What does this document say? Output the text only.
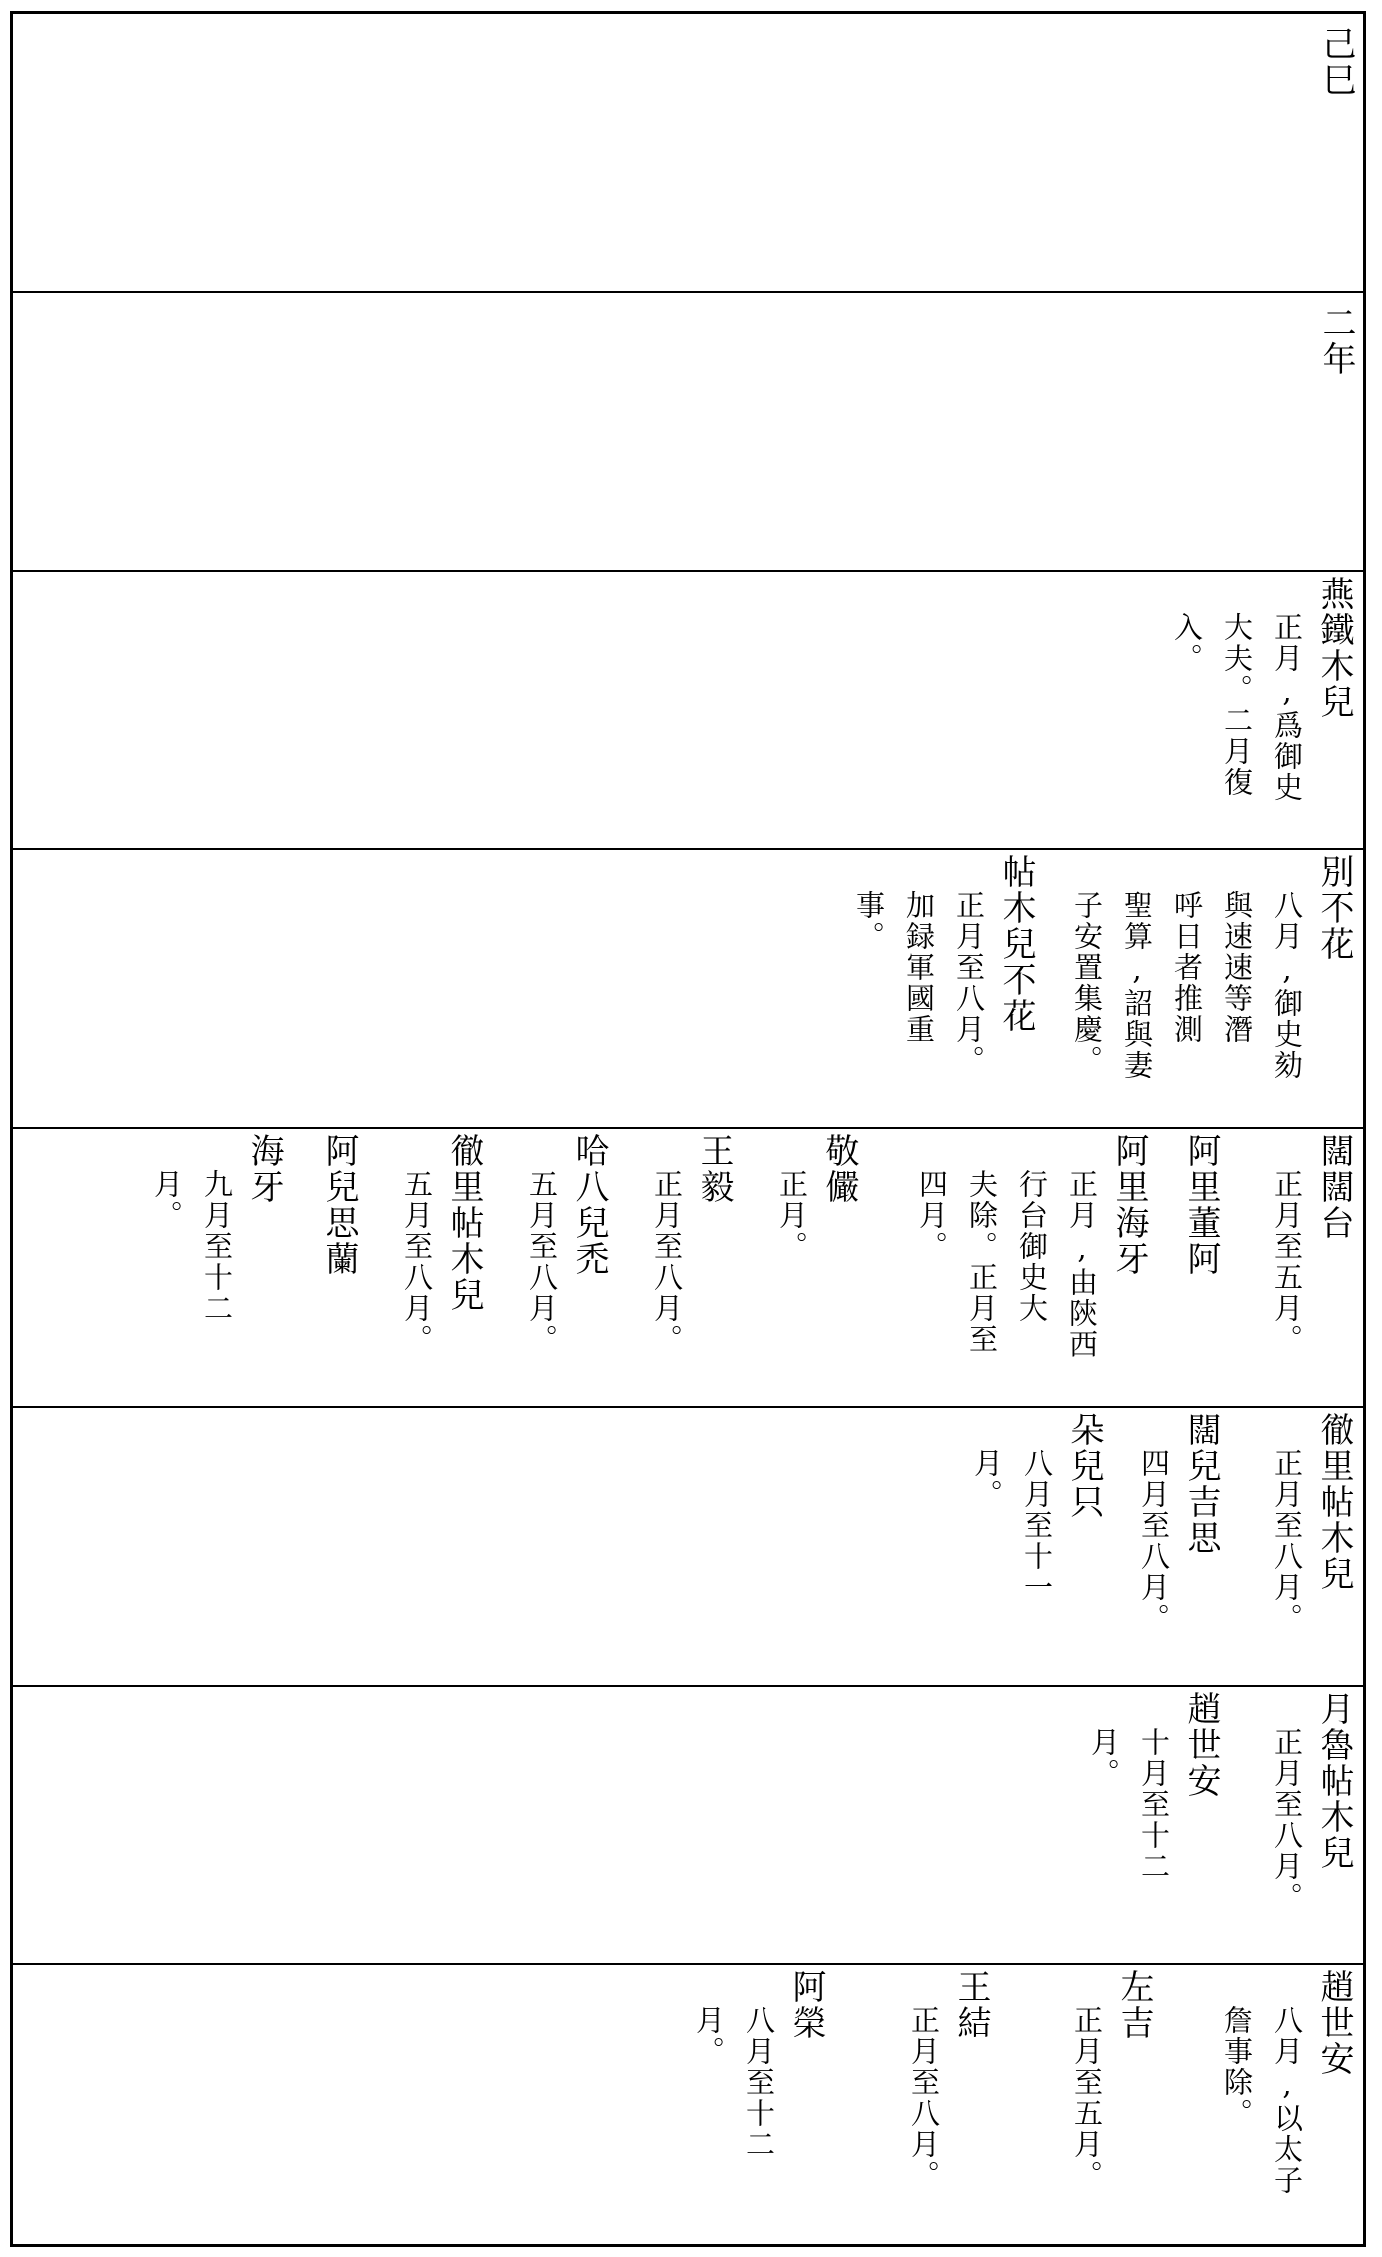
己巳
二年
燕鐵木兒
正月,爲御史
大夫。二月復
入。
別不花
八月,御史劾
與速速等潛
呼日者推測
聖算,詔與妻
子安置集慶。
帖木兒不花
正月至八月。
加録軍國重
事。
闊闊台
正月至五月。
阿里董阿
阿里海牙
正月,由陝西
行台御史大
夫除。正月至
四月。
敬儼
正月。
王毅
正月至八月。
哈八兒禿
五月至八月。
徹里帖木兒
五月至八月。
阿兒思蘭
海牙
九月至十二
月。
徹里帖木兒
正月至八月。
闊兒吉思
四月至八月。
朵兒只
八月至十一
月。
月魯帖木兒
正月至八月。
趙世安
十月至十二
月。
趙世安
八月,以太子
詹事除。
左吉
正月至五月。
王結
正月至八月。
阿榮
八月至十二
月。
